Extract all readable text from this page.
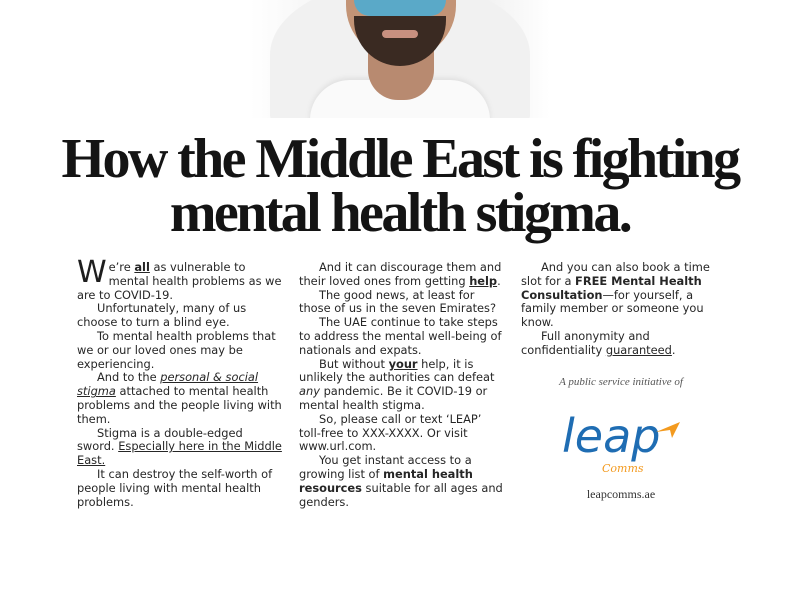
How the Middle East is fighting
mental health stigma.

We’re all as vulnerable to mental health problems as we are to COVID-19.

Unfortunately, many of us choose to turn a blind eye.

To mental health problems that we or our loved ones may be experiencing.

And to the personal & social stigma attached to mental health problems and the people living with them.

Stigma is a double-edged sword. Especially here in the Middle East.

It can destroy the self-worth of people living with mental health problems.

And it can discourage them and their loved ones from getting help.

The good news, at least for those of us in the seven Emirates?

The UAE continue to take steps to address the mental well-being of nationals and expats.

But without your help, it is unlikely the authorities can defeat any pandemic. Be it COVID-19 or mental health stigma.

So, please call or text ‘LEAP’ toll-free to XXX-XXXX. Or visit www.url.com.

You get instant access to a growing list of mental health resources suitable for all ages and genders.

And you can also book a time slot for a FREE Mental Health Consultation—for yourself, a family member or someone you know.

Full anonymity and confidentiality guaranteed.

A public service initiative of
leap
Comms
leapcomms.ae
